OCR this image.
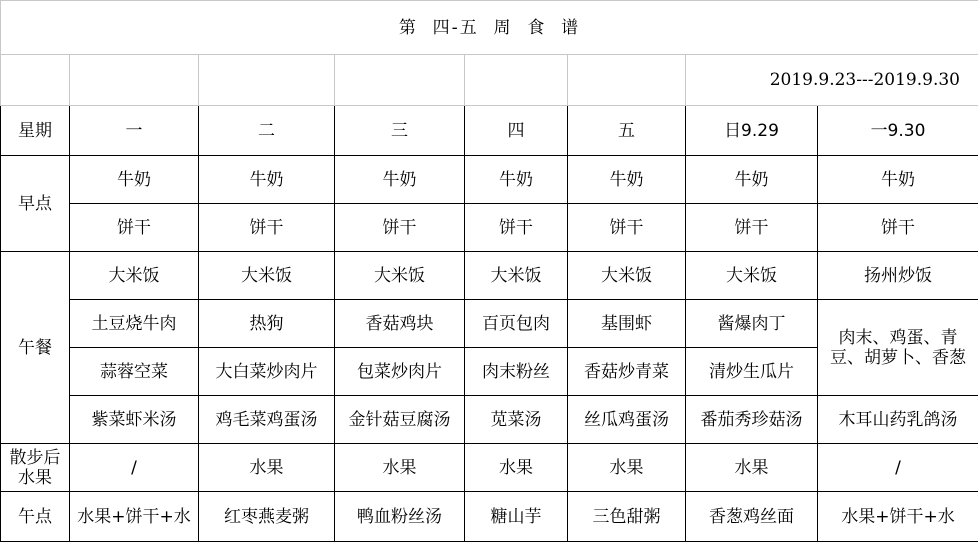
第  四-五  周  食  谱							
						2019.9.23---2019.9.30	
星期	一	二	三	四	五	日9.29	一9.30
早点	牛奶	牛奶	牛奶	牛奶	牛奶	牛奶	牛奶
	饼干	饼干	饼干	饼干	饼干	饼干	饼干
午餐	大米饭	大米饭	大米饭	大米饭	大米饭	大米饭	扬州炒饭
	土豆烧牛肉	热狗	香菇鸡块	百页包肉	基围虾	酱爆肉丁	肉末、鸡蛋、青豆、胡萝卜、香葱
	蒜蓉空菜	大白菜炒肉片	包菜炒肉片	肉末粉丝	香菇炒青菜	清炒生瓜片	
	紫菜虾米汤	鸡毛菜鸡蛋汤	金针菇豆腐汤	苋菜汤	丝瓜鸡蛋汤	番茄秀珍菇汤	木耳山药乳鸽汤

散步后
水果	/	水果	水果	水果	水果	水果	/
午点	水果+饼干+水	红枣燕麦粥	鸭血粉丝汤	糖山芋	三色甜粥	香葱鸡丝面	水果+饼干+水
